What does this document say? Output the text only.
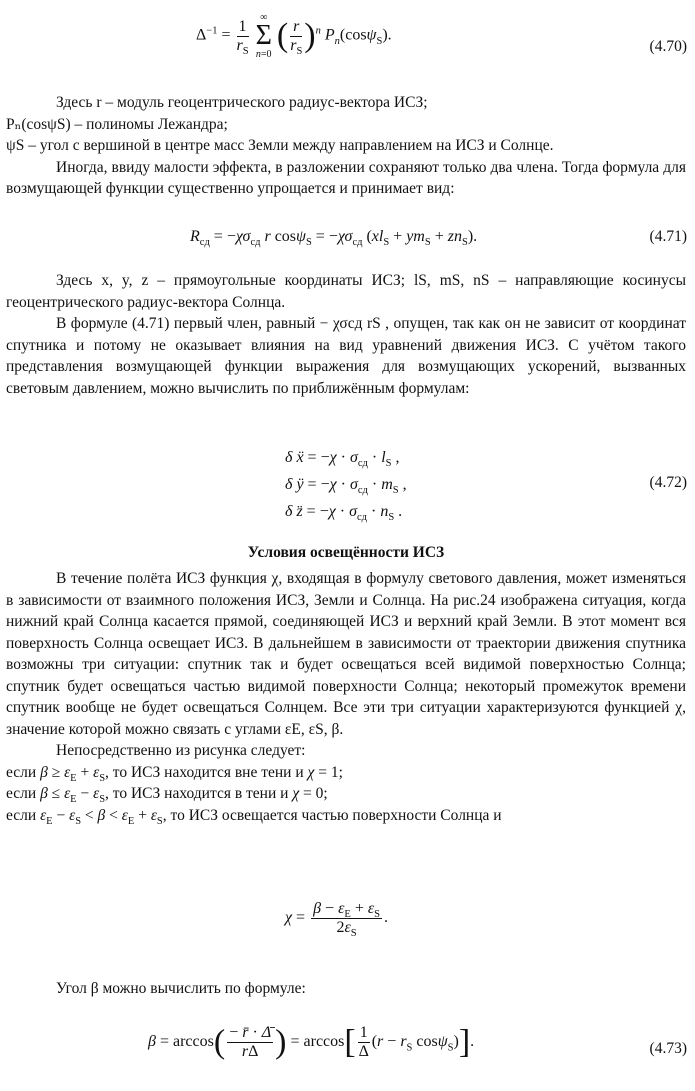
$\Delta^{-1} = \frac{1}{r_S}$
	∞
Σ
n=0
( $\frac{r}{r_S} )^n$ $P_n(\cos\psi_S)$.
(4.70)

Здесь r – модуль геоцентрического радиус-вектора ИСЗ;

Pₙ(cosψS) – полиномы Лежандра;

ψS – угол с вершиной в центре масс Земли между направлением на ИСЗ и Солнце.

Иногда, ввиду малости эффекта, в разложении сохраняют только два члена. Тогда формула для возмущающей функции существенно упрощается и принимает вид:

$R_{сд} = -\chi\sigma_{сд}$ r $\cos\psi_S = -\chi\sigma_{сд}$ $(xl_S + ym_S + zn_S)$.	(4.71)

Здесь x, y, z – прямоугольные координаты ИСЗ; lS, mS, nS – направляющие косинусы геоцентрического радиус-вектора Солнца.

В формуле (4.71) первый член, равный − χσсд rS , опущен, так как он не зависит от координат спутника и потому не оказывает влияния на вид уравнений движения ИСЗ. С учётом такого представления возмущающей функции выражения для возмущающих ускорений, вызванных световым давлением, можно вычислить по приближённым формулам:

δ ẍ = $-\chi \cdot \sigma_{сд} \cdot l_S$ ,
δ ÿ = $-\chi \cdot \sigma_{сд} \cdot m_S$ ,
δ z̈ = $-\chi \cdot \sigma_{сд} \cdot n_S$ .
(4.72)
Условия освещённости ИСЗ

В течение полёта ИСЗ функция χ, входящая в формулу светового давления, может изменяться в зависимости от взаимного положения ИСЗ, Земли и Солнца. На рис.24 изображена ситуация, когда нижний край Солнца касается прямой, соединяющей ИСЗ и верхний край Земли. В этот момент вся поверхность Солнца освещает ИСЗ. В дальнейшем в зависимости от траектории движения спутника возможны три ситуации: спутник так и будет освещаться всей видимой поверхностью Солнца; спутник будет освещаться частью видимой поверхности Солнца; некоторый промежуток времени спутник вообще не будет освещаться Солнцем. Все эти три ситуации характеризуются функцией χ, значение которой можно связать с углами εE, εS, β.

Непосредственно из рисунка следует:

если $\beta \ge \varepsilon_E + \varepsilon_S$, то ИСЗ находится вне тени и χ = 1;

если $\beta \le \varepsilon_E - \varepsilon_S$, то ИСЗ находится в тени и χ = 0;

если $\varepsilon_E - \varepsilon_S < \beta < \varepsilon_E + \varepsilon_S$, то ИСЗ освещается частью поверхности Солнца и

$\chi = \frac{\beta - \varepsilon_E + \varepsilon_S}{2\varepsilon_S}$ .

Угол β можно вычислить по формуле:

$\beta = \arccos( \frac{- r̄ \cdot \Deltā}{r\Delta}$ ) = $\arccos[ \frac{1}{\Delta} (r - r_S$ cosψ$_S$)].	(4.73)
